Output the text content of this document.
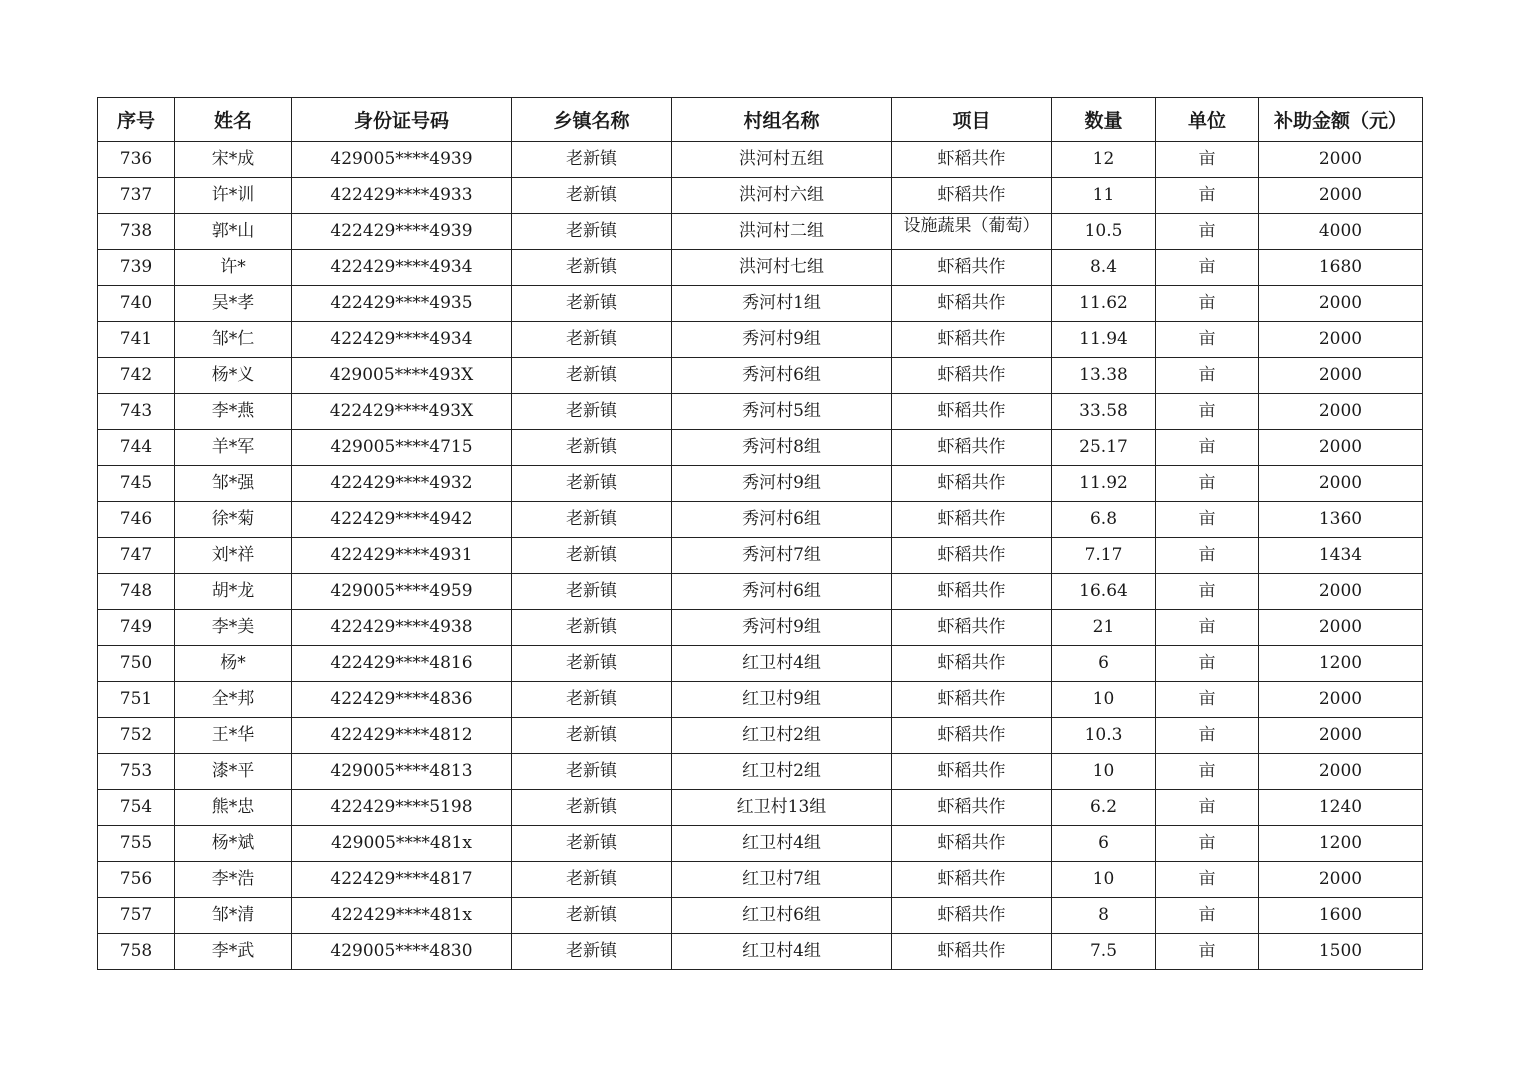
序号	姓名	身份证号码	乡镇名称	村组名称	项目	数量	单位	补助金额（元）
736	宋*成	429005****4939	老新镇	洪河村五组	虾稻共作	12	亩	2000
737	许*训	422429****4933	老新镇	洪河村六组	虾稻共作	11	亩	2000
738	郭*山	422429****4939	老新镇	洪河村二组	设施蔬果（葡萄）	10.5	亩	4000
739	许*	422429****4934	老新镇	洪河村七组	虾稻共作	8.4	亩	1680
740	吴*孝	422429****4935	老新镇	秀河村1组	虾稻共作	11.62	亩	2000
741	邹*仁	422429****4934	老新镇	秀河村9组	虾稻共作	11.94	亩	2000
742	杨*义	429005****493X	老新镇	秀河村6组	虾稻共作	13.38	亩	2000
743	李*燕	422429****493X	老新镇	秀河村5组	虾稻共作	33.58	亩	2000
744	羊*军	429005****4715	老新镇	秀河村8组	虾稻共作	25.17	亩	2000
745	邹*强	422429****4932	老新镇	秀河村9组	虾稻共作	11.92	亩	2000
746	徐*菊	422429****4942	老新镇	秀河村6组	虾稻共作	6.8	亩	1360
747	刘*祥	422429****4931	老新镇	秀河村7组	虾稻共作	7.17	亩	1434
748	胡*龙	429005****4959	老新镇	秀河村6组	虾稻共作	16.64	亩	2000
749	李*美	422429****4938	老新镇	秀河村9组	虾稻共作	21	亩	2000
750	杨*	422429****4816	老新镇	红卫村4组	虾稻共作	6	亩	1200
751	全*邦	422429****4836	老新镇	红卫村9组	虾稻共作	10	亩	2000
752	王*华	422429****4812	老新镇	红卫村2组	虾稻共作	10.3	亩	2000
753	漆*平	429005****4813	老新镇	红卫村2组	虾稻共作	10	亩	2000
754	熊*忠	422429****5198	老新镇	红卫村13组	虾稻共作	6.2	亩	1240
755	杨*斌	429005****481x	老新镇	红卫村4组	虾稻共作	6	亩	1200
756	李*浩	422429****4817	老新镇	红卫村7组	虾稻共作	10	亩	2000
757	邹*清	422429****481x	老新镇	红卫村6组	虾稻共作	8	亩	1600
758	李*武	429005****4830	老新镇	红卫村4组	虾稻共作	7.5	亩	1500
